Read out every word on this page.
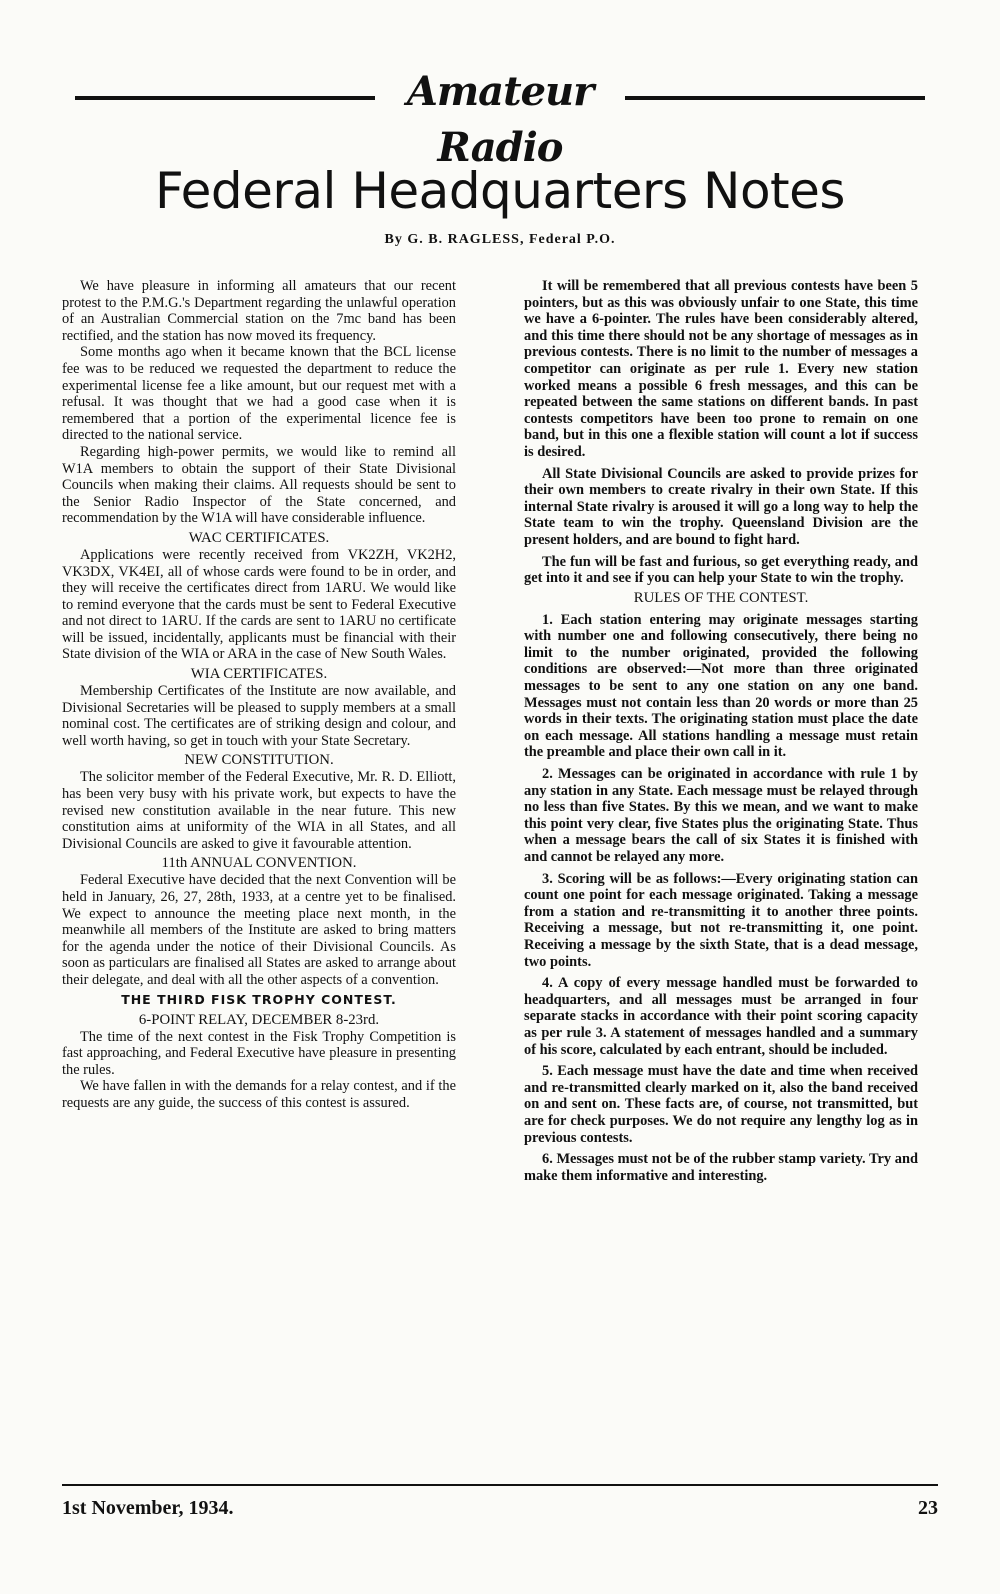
Amateur Radio
Federal Headquarters Notes
By G. B. RAGLESS, Federal P.O.

We have pleasure in informing all amateurs that our recent protest to the P.M.G.'s Department regarding the unlawful operation of an Australian Commercial station on the 7mc band has been rectified, and the station has now moved its frequency.

Some months ago when it became known that the BCL license fee was to be reduced we requested the department to reduce the experimental license fee a like amount, but our request met with a refusal. It was thought that we had a good case when it is remembered that a portion of the experimental licence fee is directed to the national service.

Regarding high-power permits, we would like to remind all W1A members to obtain the support of their State Divisional Councils when making their claims. All requests should be sent to the Senior Radio Inspector of the State concerned, and recommendation by the W1A will have considerable influence.

WAC CERTIFICATES.

Applications were recently received from VK2ZH, VK2H2, VK3DX, VK4EI, all of whose cards were found to be in order, and they will receive the certificates direct from 1ARU. We would like to remind everyone that the cards must be sent to Federal Executive and not direct to 1ARU. If the cards are sent to 1ARU no certificate will be issued, incidentally, applicants must be financial with their State division of the WIA or ARA in the case of New South Wales.

WIA CERTIFICATES.

Membership Certificates of the Institute are now available, and Divisional Secretaries will be pleased to supply members at a small nominal cost. The certificates are of striking design and colour, and well worth having, so get in touch with your State Secretary.

NEW CONSTITUTION.

The solicitor member of the Federal Executive, Mr. R. D. Elliott, has been very busy with his private work, but expects to have the revised new constitution available in the near future. This new constitution aims at uniformity of the WIA in all States, and all Divisional Councils are asked to give it favourable attention.

11th ANNUAL CONVENTION.

Federal Executive have decided that the next Convention will be held in January, 26, 27, 28th, 1933, at a centre yet to be finalised. We expect to announce the meeting place next month, in the meanwhile all members of the Institute are asked to bring matters for the agenda under the notice of their Divisional Councils. As soon as particulars are finalised all States are asked to arrange about their delegate, and deal with all the other aspects of a convention.

THE THIRD FISK TROPHY CONTEST.
6-POINT RELAY, DECEMBER 8-23rd.

The time of the next contest in the Fisk Trophy Competition is fast approaching, and Federal Executive have pleasure in presenting the rules.

We have fallen in with the demands for a relay contest, and if the requests are any guide, the success of this contest is assured.

It will be remembered that all previous contests have been 5 pointers, but as this was obviously unfair to one State, this time we have a 6-pointer. The rules have been considerably altered, and this time there should not be any shortage of messages as in previous contests. There is no limit to the number of messages a competitor can originate as per rule 1. Every new station worked means a possible 6 fresh messages, and this can be repeated between the same stations on different bands. In past contests competitors have been too prone to remain on one band, but in this one a flexible station will count a lot if success is desired.

All State Divisional Councils are asked to provide prizes for their own members to create rivalry in their own State. If this internal State rivalry is aroused it will go a long way to help the State team to win the trophy. Queensland Division are the present holders, and are bound to fight hard.

The fun will be fast and furious, so get everything ready, and get into it and see if you can help your State to win the trophy.

RULES OF THE CONTEST.

1. Each station entering may originate messages starting with number one and following consecutively, there being no limit to the number originated, provided the following conditions are observed:—Not more than three originated messages to be sent to any one station on any one band. Messages must not contain less than 20 words or more than 25 words in their texts. The originating station must place the date on each message. All stations handling a message must retain the preamble and place their own call in it.

2. Messages can be originated in accordance with rule 1 by any station in any State. Each message must be relayed through no less than five States. By this we mean, and we want to make this point very clear, five States plus the originating State. Thus when a message bears the call of six States it is finished with and cannot be relayed any more.

3. Scoring will be as follows:—Every originating station can count one point for each message originated. Taking a message from a station and re-transmitting it to another three points. Receiving a message, but not re-transmitting it, one point. Receiving a message by the sixth State, that is a dead message, two points.

4. A copy of every message handled must be forwarded to headquarters, and all messages must be arranged in four separate stacks in accordance with their point scoring capacity as per rule 3. A statement of messages handled and a summary of his score, calculated by each entrant, should be included.

5. Each message must have the date and time when received and re-transmitted clearly marked on it, also the band received on and sent on. These facts are, of course, not transmitted, but are for check purposes. We do not require any lengthy log as in previous contests.

6. Messages must not be of the rubber stamp variety. Try and make them informative and interesting.

1st November, 1934.	23
